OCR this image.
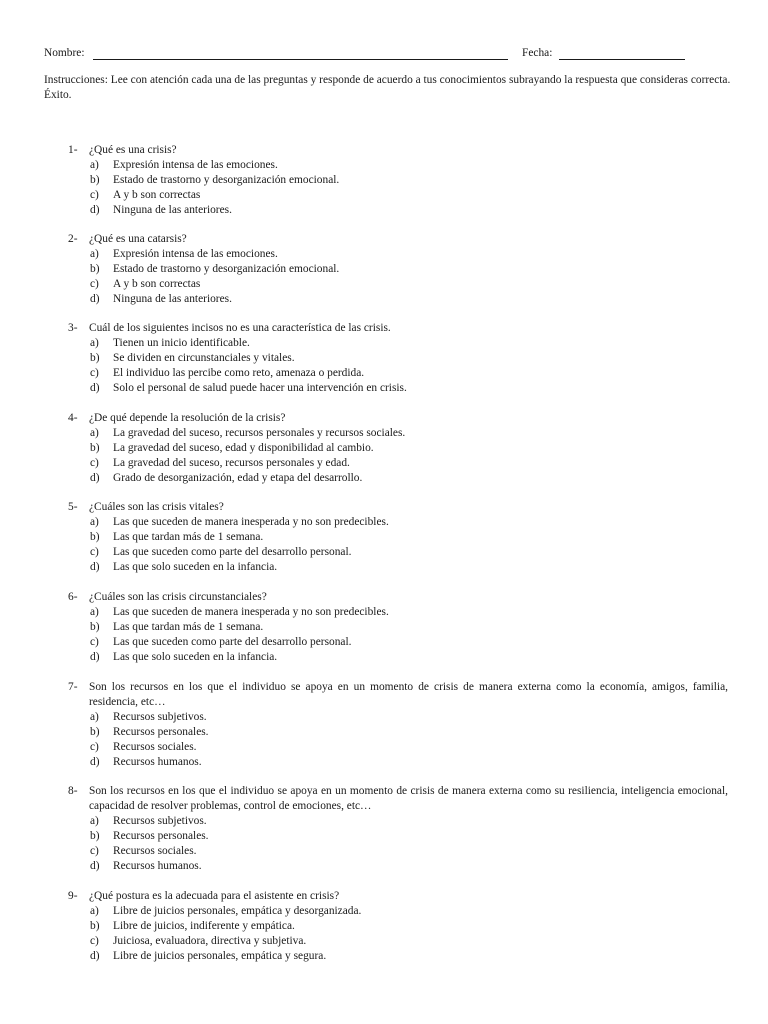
Nombre:	Fecha:
Instrucciones: Lee con atención cada una de las preguntas y responde de acuerdo a tus conocimientos subrayando la respuesta que consideras correcta. Éxito.
1- ¿Qué es una crisis?
a) Expresión intensa de las emociones.
b) Estado de trastorno y desorganización emocional.
c) A y b son correctas
d) Ninguna de las anteriores.
2- ¿Qué es una catarsis?
a) Expresión intensa de las emociones.
b) Estado de trastorno y desorganización emocional.
c) A y b son correctas
d) Ninguna de las anteriores.
3- Cuál de los siguientes incisos no es una característica de las crisis.
a) Tienen un inicio identificable.
b) Se dividen en circunstanciales y vitales.
c) El individuo las percibe como reto, amenaza o perdida.
d) Solo el personal de salud puede hacer una intervención en crisis.
4- ¿De qué depende la resolución de la crisis?
a) La gravedad del suceso, recursos personales y recursos sociales.
b) La gravedad del suceso, edad y disponibilidad al cambio.
c) La gravedad del suceso, recursos personales y edad.
d) Grado de desorganización, edad y etapa del desarrollo.
5- ¿Cuáles son las crisis vitales?
a) Las que suceden de manera inesperada y no son predecibles.
b) Las que tardan más de 1 semana.
c) Las que suceden como parte del desarrollo personal.
d) Las que solo suceden en la infancia.
6- ¿Cuáles son las crisis circunstanciales?
a) Las que suceden de manera inesperada y no son predecibles.
b) Las que tardan más de 1 semana.
c) Las que suceden como parte del desarrollo personal.
d) Las que solo suceden en la infancia.
7- Son los recursos en los que el individuo se apoya en un momento de crisis de manera externa como la economía, amigos, familia, residencia, etc…
a) Recursos subjetivos.
b) Recursos personales.
c) Recursos sociales.
d) Recursos humanos.
8- Son los recursos en los que el individuo se apoya en un momento de crisis de manera externa como su resiliencia, inteligencia emocional, capacidad de resolver problemas, control de emociones, etc…
a) Recursos subjetivos.
b) Recursos personales.
c) Recursos sociales.
d) Recursos humanos.
9- ¿Qué postura es la adecuada para el asistente en crisis?
a) Libre de juicios personales, empática y desorganizada.
b) Libre de juicios, indiferente y empática.
c) Juiciosa, evaluadora, directiva y subjetiva.
d) Libre de juicios personales, empática y segura.
